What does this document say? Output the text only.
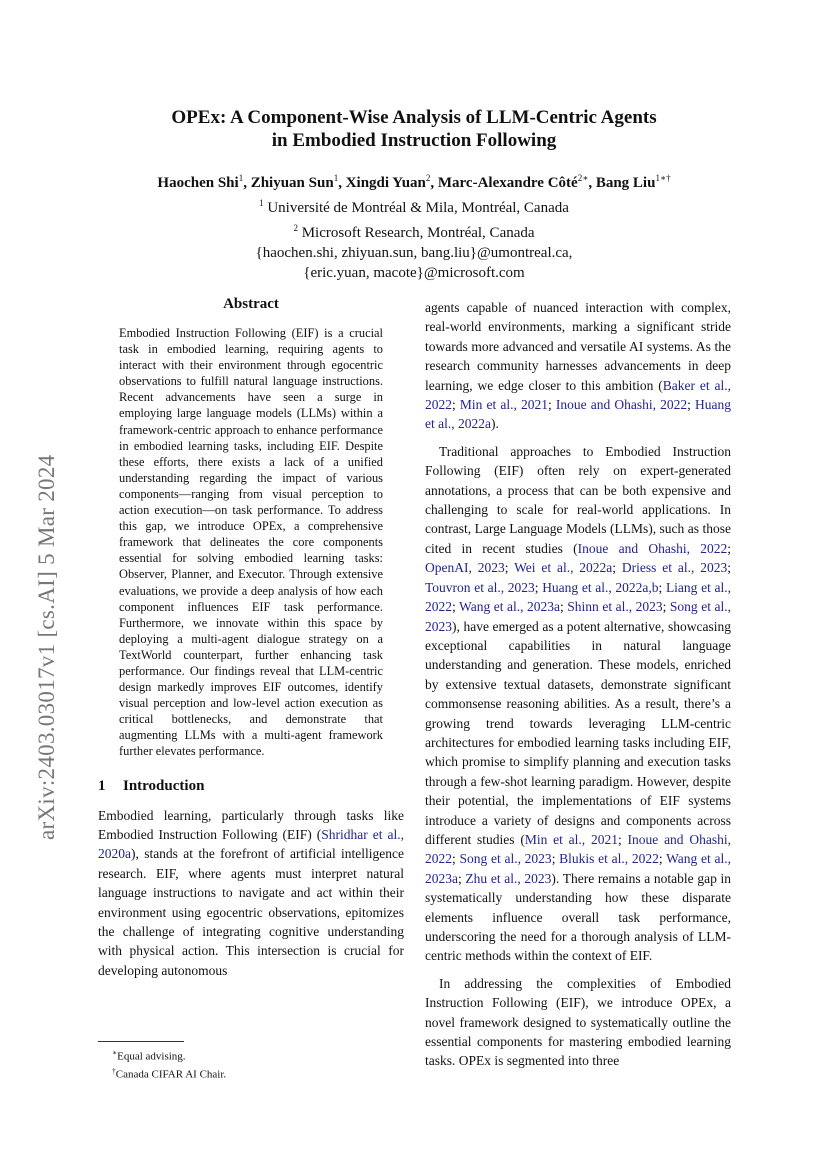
arXiv:2403.03017v1 [cs.AI] 5 Mar 2024
OPEx: A Component-Wise Analysis of LLM-Centric Agents
in Embodied Instruction Following
Haochen Shi$^1$, Zhiyuan Sun$^1$, Xingdi Yuan$^2$, Marc-Alexandre Côté$^{2∗}$, Bang Liu$^{1∗\dagger}$
$^1$ Université de Montréal & Mila, Montréal, Canada
$^2$ Microsoft Research, Montréal, Canada
{haochen.shi, zhiyuan.sun, bang.liu}@umontreal.ca,
{eric.yuan, macote}@microsoft.com
Abstract

Embodied Instruction Following (EIF) is a crucial task in embodied learning, requiring agents to interact with their environment through egocentric observations to fulfill natural language instructions. Recent advancements have seen a surge in employing large language models (LLMs) within a framework-centric approach to enhance performance in embodied learning tasks, including EIF. Despite these efforts, there exists a lack of a unified understanding regarding the impact of various components—ranging from visual perception to action execution—on task performance. To address this gap, we introduce OPEx, a comprehensive framework that delineates the core components essential for solving embodied learning tasks: Observer, Planner, and Executor. Through extensive evaluations, we provide a deep analysis of how each component influences EIF task performance. Furthermore, we innovate within this space by deploying a multi-agent dialogue strategy on a TextWorld counterpart, further enhancing task performance. Our findings reveal that LLM-centric design markedly improves EIF outcomes, identify visual perception and low-level action execution as critical bottlenecks, and demonstrate that augmenting LLMs with a multi-agent framework further elevates performance.

1 Introduction

Embodied learning, particularly through tasks like Embodied Instruction Following (EIF) (Shridhar et al., 2020a), stands at the forefront of artificial intelligence research. EIF, where agents must interpret natural language instructions to navigate and act within their environment using egocentric observations, epitomizes the challenge of integrating cognitive understanding with physical action. This intersection is crucial for developing autonomous

agents capable of nuanced interaction with complex, real-world environments, marking a significant stride towards more advanced and versatile AI systems. As the research community harnesses advancements in deep learning, we edge closer to this ambition (Baker et al., 2022; Min et al., 2021; Inoue and Ohashi, 2022; Huang et al., 2022a).

Traditional approaches to Embodied Instruction Following (EIF) often rely on expert-generated annotations, a process that can be both expensive and challenging to scale for real-world applications. In contrast, Large Language Models (LLMs), such as those cited in recent studies (Inoue and Ohashi, 2022; OpenAI, 2023; Wei et al., 2022a; Driess et al., 2023; Touvron et al., 2023; Huang et al., 2022a,b; Liang et al., 2022; Wang et al., 2023a; Shinn et al., 2023; Song et al., 2023), have emerged as a potent alternative, showcasing exceptional capabilities in natural language understanding and generation. These models, enriched by extensive textual datasets, demonstrate significant commonsense reasoning abilities. As a result, there’s a growing trend towards leveraging LLM-centric architectures for embodied learning tasks including EIF, which promise to simplify planning and execution tasks through a few-shot learning paradigm. However, despite their potential, the implementations of EIF systems introduce a variety of designs and components across different studies (Min et al., 2021; Inoue and Ohashi, 2022; Song et al., 2023; Blukis et al., 2022; Wang et al., 2023a; Zhu et al., 2023). There remains a notable gap in systematically understanding how these disparate elements influence overall task performance, underscoring the need for a thorough analysis of LLM-centric methods within the context of EIF.

In addressing the complexities of Embodied Instruction Following (EIF), we introduce OPEx, a novel framework designed to systematically outline the essential components for mastering embodied learning tasks. OPEx is segmented into three

∗Equal advising.
†Canada CIFAR AI Chair.
